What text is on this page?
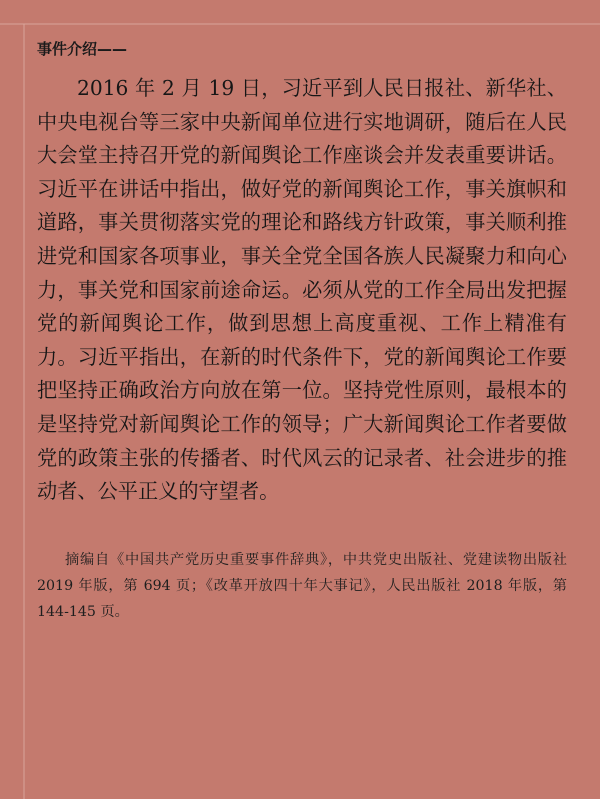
事件介绍——

2016 年 2 月 19 日，习近平到人民日报社、新华社、中央电视台等三家中央新闻单位进行实地调研，随后在人民大会堂主持召开党的新闻舆论工作座谈会并发表重要讲话。习近平在讲话中指出，做好党的新闻舆论工作，事关旗帜和道路，事关贯彻落实党的理论和路线方针政策，事关顺利推进党和国家各项事业，事关全党全国各族人民凝聚力和向心力，事关党和国家前途命运。必须从党的工作全局出发把握党的新闻舆论工作，做到思想上高度重视、工作上精准有力。习近平指出，在新的时代条件下，党的新闻舆论工作要把坚持正确政治方向放在第一位。坚持党性原则，最根本的是坚持党对新闻舆论工作的领导；广大新闻舆论工作者要做党的政策主张的传播者、时代风云的记录者、社会进步的推动者、公平正义的守望者。

摘编自《中国共产党历史重要事件辞典》，中共党史出版社、党建读物出版社 2019 年版，第 694 页；《改革开放四十年大事记》，人民出版社 2018 年版，第 144-145 页。
